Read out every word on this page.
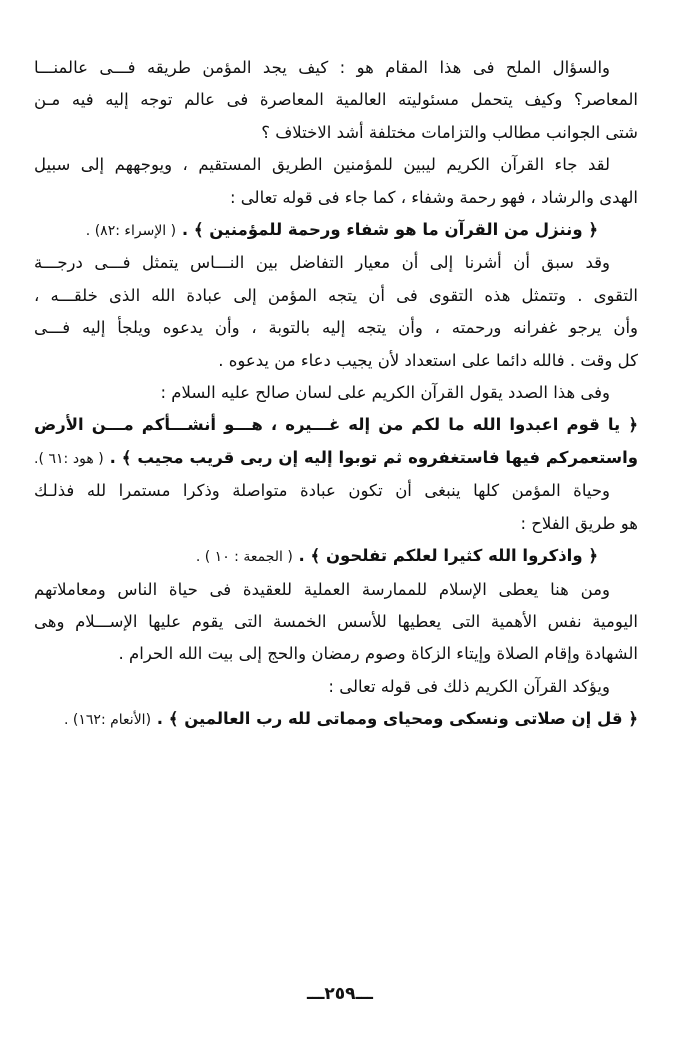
والسؤال الملح فى هذا المقام هو : كيف يجد المؤمن طريقه فـــى عالمنـــا
المعاصر؟ وكيف يتحمل مسئوليته العالمية المعاصرة فى عالم توجه إليه فيه مـن
شتى الجوانب مطالب والتزامات مختلفة أشد الاختلاف ؟
لقد جاء القرآن الكريم ليبين للمؤمنين الطريق المستقيم ، ويوجههم إلى سبيل
الهدى والرشاد ، فهو رحمة وشفاء ، كما جاء فى قوله تعالى :
﴿ وننزل من القرآن ما هو شفاء ورحمة للمؤمنين ﴾ . ( الإسراء :٨٢) .
وقد سبق أن أشرنا إلى أن معيار التفاضل بين النـــاس يتمثل فـــى درجـــة
التقوى . وتتمثل هذه التقوى فى أن يتجه المؤمن إلى عبادة الله الذى خلقـــه ،
وأن يرجو غفرانه ورحمته ، وأن يتجه إليه بالتوبة ، وأن يدعوه ويلجأ إليه فـــى
كل وقت . فالله دائما على استعداد لأن يجيب دعاء من يدعوه .
وفى هذا الصدد يقول القرآن الكريم على لسان صالح عليه السلام :
﴿ يا قوم اعبدوا الله ما لكم من إله غـــيره ، هـــو أنشـــأكم مـــن الأرض
واستعمركم فيها فاستغفروه ثم توبوا إليه إن ربى قريب مجيب ﴾ . ( هود :٦١ ).
وحياة المؤمن كلها ينبغى أن تكون عبادة متواصلة وذكرا مستمرا لله فذلـك
هو طريق الفلاح :
﴿ واذكروا الله كثيرا لعلكم تفلحون ﴾ . ( الجمعة : ١٠ ) .
ومن هنا يعطى الإسلام للممارسة العملية للعقيدة فى حياة الناس ومعاملاتهم
اليومية نفس الأهمية التى يعطيها للأسس الخمسة التى يقوم عليها الإســـلام وهى
الشهادة وإقام الصلاة وإيتاء الزكاة وصوم رمضان والحج إلى بيت الله الحرام .
ويؤكد القرآن الكريم ذلك فى قوله تعالى :
﴿ قل إن صلاتى ونسكى ومحياى ومماتى لله رب العالمين ﴾ . (الأنعام :١٦٢) .
ـــ٢٥٩ـــ
